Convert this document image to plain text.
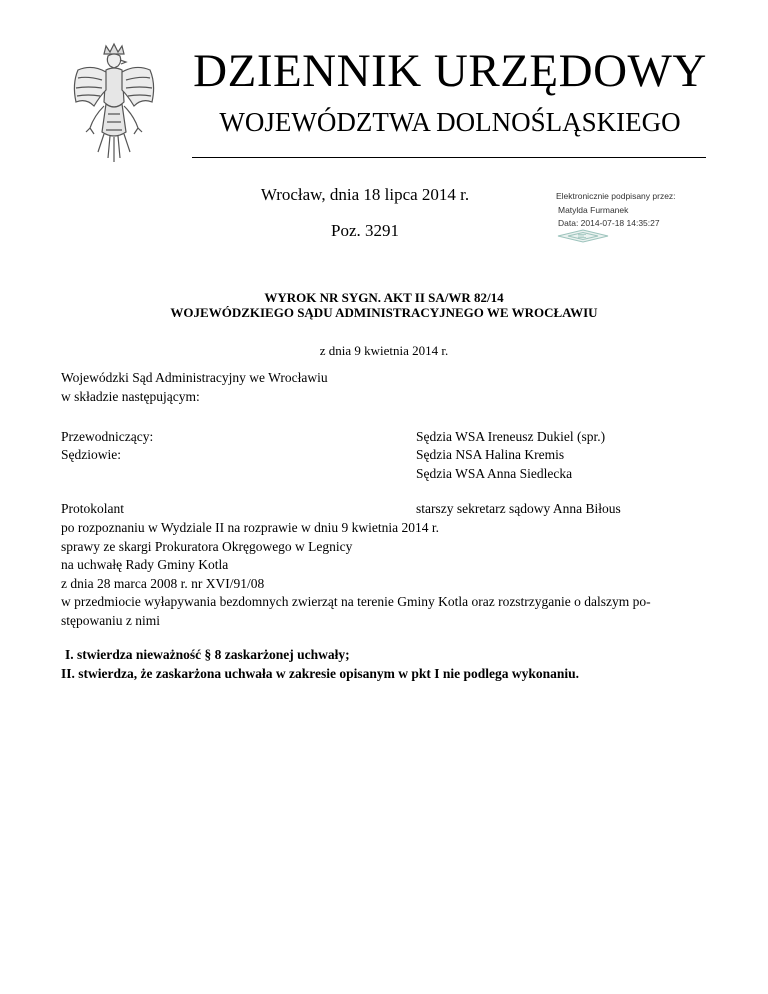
DZIENNIK URZĘDOWY
WOJEWÓDZTWA DOLNOŚLĄSKIEGO
Wrocław, dnia 18 lipca 2014 r.
Poz. 3291
Elektronicznie podpisany przez:
Matylda Furmanek
Data: 2014-07-18 14:35:27
WYROK NR SYGN. AKT II SA/WR 82/14
WOJEWÓDZKIEGO SĄDU ADMINISTRACYJNEGO WE WROCŁAWIU
z dnia 9 kwietnia 2014 r.
Wojewódzki Sąd Administracyjny we Wrocławiu
w składzie następującym:
Przewodniczący:
Sędziowie:
Sędzia WSA Ireneusz Dukiel (spr.)
Sędzia NSA Halina Kremis
Sędzia WSA Anna Siedlecka
Protokolant	starszy sekretarz sądowy Anna Biłous
po rozpoznaniu w Wydziale II na rozprawie w dniu 9 kwietnia 2014 r.
sprawy ze skargi Prokuratora Okręgowego w Legnicy
na uchwałę Rady Gminy Kotla
z dnia 28 marca 2008 r. nr XVI/91/08
w przedmiocie wyłapywania bezdomnych zwierząt na terenie Gminy Kotla oraz rozstrzyganie o dalszym po-
stępowaniu z nimi
I. stwierdza nieważność § 8 zaskarżonej uchwały;
II. stwierdza, że zaskarżona uchwała w zakresie opisanym w pkt I nie podlega wykonaniu.
